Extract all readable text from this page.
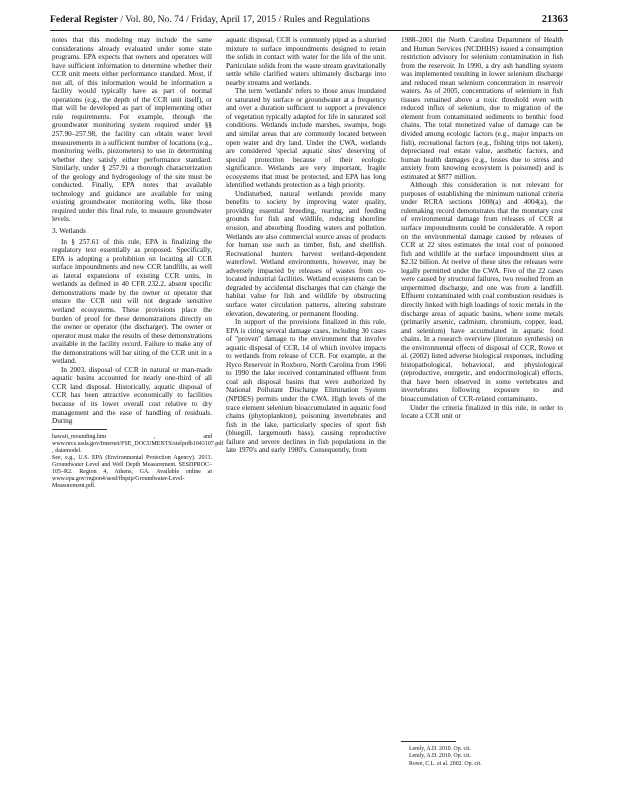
Federal Register / Vol. 80, No. 74 / Friday, April 17, 2015 / Rules and Regulations	21363

notes that this modeling may include the same considerations already evaluated under some state programs. EPA expects that owners and operators will have sufficient information to determine whether their CCR unit meets either performance standard. Most, if not all, of this information would be information a facility would typically have as part of normal operations (e.g., the depth of the CCR unit itself), or that will be developed as part of implementing other rule requirements. For example, through the groundwater monitoring system required under §§ 257.90–257.98, the facility can obtain water level measurements in a sufficient number of locations (e.g., monitoring wells, piezometers) to use in determining whether they satisfy either performance standard. Similarly, under § 257.91 a thorough characterization of the geology and hydrogeology of the site must be conducted. Finally, EPA notes that available technology and guidance are available for using existing groundwater monitoring wells, like those required under this final rule, to measure groundwater levels.

3. Wetlands

In § 257.61 of this rule, EPA is finalizing the regulatory text essentially as proposed. Specifically, EPA is adopting a prohibition on locating all CCR surface impoundments and new CCR landfills, as well as lateral expansions of existing CCR units, in wetlands as defined in 40 CFR 232.2, absent specific demonstrations made by the owner or operator that ensure the CCR unit will not degrade sensitive wetland ecosystems. These provisions place the burden of proof for these demonstrations directly on the owner or operator (the discharger). The owner or operator must make the results of these demonstrations available in the facility record. Failure to make any of the demonstrations will bar siting of the CCR unit in a wetland.

In 2003, disposal of CCR in natural or man-made aquatic basins accounted for nearly one-third of all CCR land disposal. Historically, aquatic disposal of CCR has been attractive economically to facilities because of its lower overall cost relative to dry management and the ease of handling of residuals. During

hawaii_mounding.htm , and www.nrcs.usda.gov/Internet/FSE_DOCUMENTS/stelprdb1043107.pdf , datamodel.

See, e.g., U.S. EPA (Environmental Protection Agency). 2013. Groundwater Level and Well Depth Measurement. SESDPROC–105–R2. Region 4, Athens, GA. Available online at www.epa.gov/region4/sesd/fbqstp/Groundwater-Level-Measurement.pdf.

aquatic disposal, CCR is commonly piped as a slurried mixture to surface impoundments designed to retain the solids in contact with water for the life of the unit. Particulate solids from the waste stream gravitationally settle while clarified waters ultimately discharge into nearby streams and wetlands.

The term 'wetlands' refers to those areas inundated or saturated by surface or groundwater at a frequency and over a duration sufficient to support a prevalence of vegetation typically adapted for life in saturated soil conditions. Wetlands include marshes, swamps, bogs and similar areas that are commonly located between open water and dry land. Under the CWA, wetlands are considered 'special aquatic sites' deserving of special protection because of their ecologic significance. Wetlands are very important, fragile ecosystems that must be protected, and EPA has long identified wetlands protection as a high priority.

Undisturbed, natural wetlands provide many benefits to society by improving water quality, providing essential breeding, rearing, and feeding grounds for fish and wildlife, reducing shoreline erosion, and absorbing flooding waters and pollution. Wetlands are also commercial source areas of products for human use such as timber, fish, and shellfish. Recreational hunters harvest wetland-dependent waterfowl. Wetland environments, however, may be adversely impacted by releases of wastes from co-located industrial facilities. Wetland ecosystems can be degraded by accidental discharges that can change the habitat value for fish and wildlife by obstructing surface water circulation patterns, altering substrate elevation, dewatering, or permanent flooding.

In support of the provisions finalized in this rule, EPA is citing several damage cases, including 30 cases of "proven" damage to the environment that involve aquatic disposal of CCR, 14 of which involve impacts to wetlands from release of CCR. For example, at the Hyco Reservoir in Roxboro, North Carolina from 1966 to 1990 the lake received contaminated effluent from coal ash disposal basins that were authorized by National Pollutant Discharge Elimination System (NPDES) permits under the CWA. High levels of the trace element selenium bioaccumulated in aquatic food chains (phytoplankton), poisoning invertebrates and fish in the lake, particularly species of sport fish (bluegill, largemouth bass), causing reproductive failure and severe declines in fish populations in the late 1970's and early 1980's. Consequently, from

1988–2001 the North Carolina Department of Health and Human Services (NCDHHS) issued a consumption restriction advisory for selenium contamination in fish from the reservoir. In 1990, a dry ash handling system was implemented resulting in lower selenium discharge and reduced mean selenium concentration in reservoir waters. As of 2005, concentrations of selenium in fish tissues remained above a toxic threshold even with reduced influx of selenium, due to migration of the element from contaminated sediments to benthic food chains. The total monetized value of damage can be divided among ecologic factors (e.g., major impacts on fish), recreational factors (e.g., fishing trips not taken), depreciated real estate value, aesthetic factors, and human health damages (e.g., losses due to stress and anxiety from knowing ecosystem is poisoned) and is estimated at $877 million.

Although this consideration is not relevant for purposes of establishing the minimum national criteria under RCRA sections 1008(a) and 4004(a), the rulemaking record demonstrates that the monetary cost of environmental damage from releases of CCR at surface impoundments could be considerable. A report on the environmental damage caused by releases of CCR at 22 sites estimates the total cost of poisoned fish and wildlife at the surface impoundment sites at $2.32 billion. At twelve of these sites the releases were legally permitted under the CWA. Five of the 22 cases were caused by structural failures, two resulted from an unpermitted discharge, and one was from a landfill. Effluent contaminated with coal combustion residues is directly linked with high loadings of toxic metals in the discharge areas of aquatic basins, where some metals (primarily arsenic, cadmium, chromium, copper, lead, and selenium) have accumulated in aquatic food chains. In a research overview (literature synthesis) on the environmental effects of disposal of CCR, Rowe et al. (2002) listed adverse biological responses, including histopathological, behavioral, and physiological (reproductive, energetic, and endocrinological) effects, that have been observed in some vertebrates and invertebrates following exposure to and bioaccumulation of CCR-related contaminants.

Under the criteria finalized in this rule, in order to locate a CCR unit or

Lemly, A.D. 2010. Op. cit.

Lemly, A.D. 2010. Op. cit.

Rowe, C.L. et al. 2002. Op. cit.
